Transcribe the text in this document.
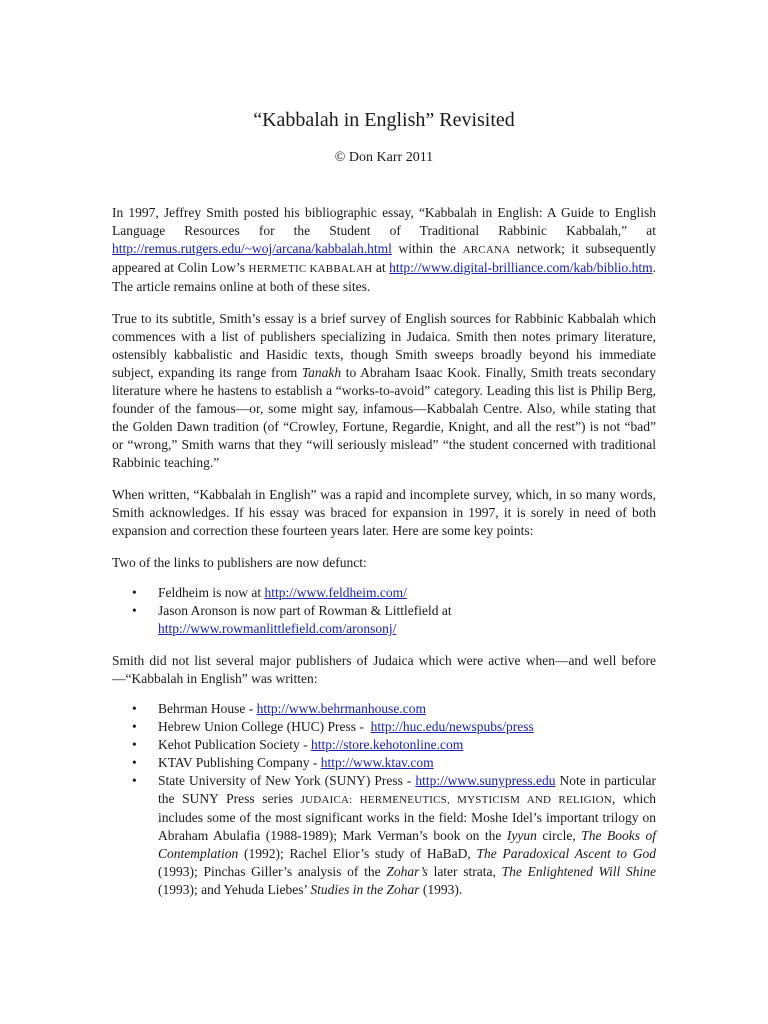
“Kabbalah in English” Revisited
© Don Karr 2011

In 1997, Jeffrey Smith posted his bibliographic essay, “Kabbalah in English: A Guide to English Language Resources for the Student of Traditional Rabbinic Kabbalah,” at http://remus.rutgers.edu/~woj/arcana/kabbalah.html within the ARCANA network; it subsequently appeared at Colin Low’s HERMETIC KABBALAH at http://www.digital-brilliance.com/kab/biblio.htm. The article remains online at both of these sites.

True to its subtitle, Smith’s essay is a brief survey of English sources for Rabbinic Kabbalah which commences with a list of publishers specializing in Judaica. Smith then notes primary literature, ostensibly kabbalistic and Hasidic texts, though Smith sweeps broadly beyond his immediate subject, expanding its range from Tanakh to Abraham Isaac Kook. Finally, Smith treats secondary literature where he hastens to establish a “works-to-avoid” category. Leading this list is Philip Berg, founder of the famous—or, some might say, infamous—Kabbalah Centre. Also, while stating that the Golden Dawn tradition (of “Crowley, Fortune, Regardie, Knight, and all the rest”) is not “bad” or “wrong,” Smith warns that they “will seriously mislead” “the student concerned with traditional Rabbinic teaching.”

When written, “Kabbalah in English” was a rapid and incomplete survey, which, in so many words, Smith acknowledges. If his essay was braced for expansion in 1997, it is sorely in need of both expansion and correction these fourteen years later. Here are some key points:

Two of the links to publishers are now defunct:

• Feldheim is now at http://www.feldheim.com/
• Jason Aronson is now part of Rowman & Littlefield at http://www.rowmanlittlefield.com/aronsonj/

Smith did not list several major publishers of Judaica which were active when—and well before—“Kabbalah in English” was written:

• Behrman House - http://www.behrmanhouse.com
• Hebrew Union College (HUC) Press -  http://huc.edu/newspubs/press
• Kehot Publication Society - http://store.kehotonline.com
• KTAV Publishing Company - http://www.ktav.com
• State University of New York (SUNY) Press - http://www.sunypress.edu Note in particular the SUNY Press series JUDAICA: HERMENEUTICS, MYSTICISM AND RELIGION, which includes some of the most significant works in the field: Moshe Idel’s important trilogy on Abraham Abulafia (1988-1989); Mark Verman’s book on the Iyyun circle, The Books of Contemplation (1992); Rachel Elior’s study of HaBaD, The Paradoxical Ascent to God (1993); Pinchas Giller’s analysis of the Zohar’s later strata, The Enlightened Will Shine (1993); and Yehuda Liebes’ Studies in the Zohar (1993).
